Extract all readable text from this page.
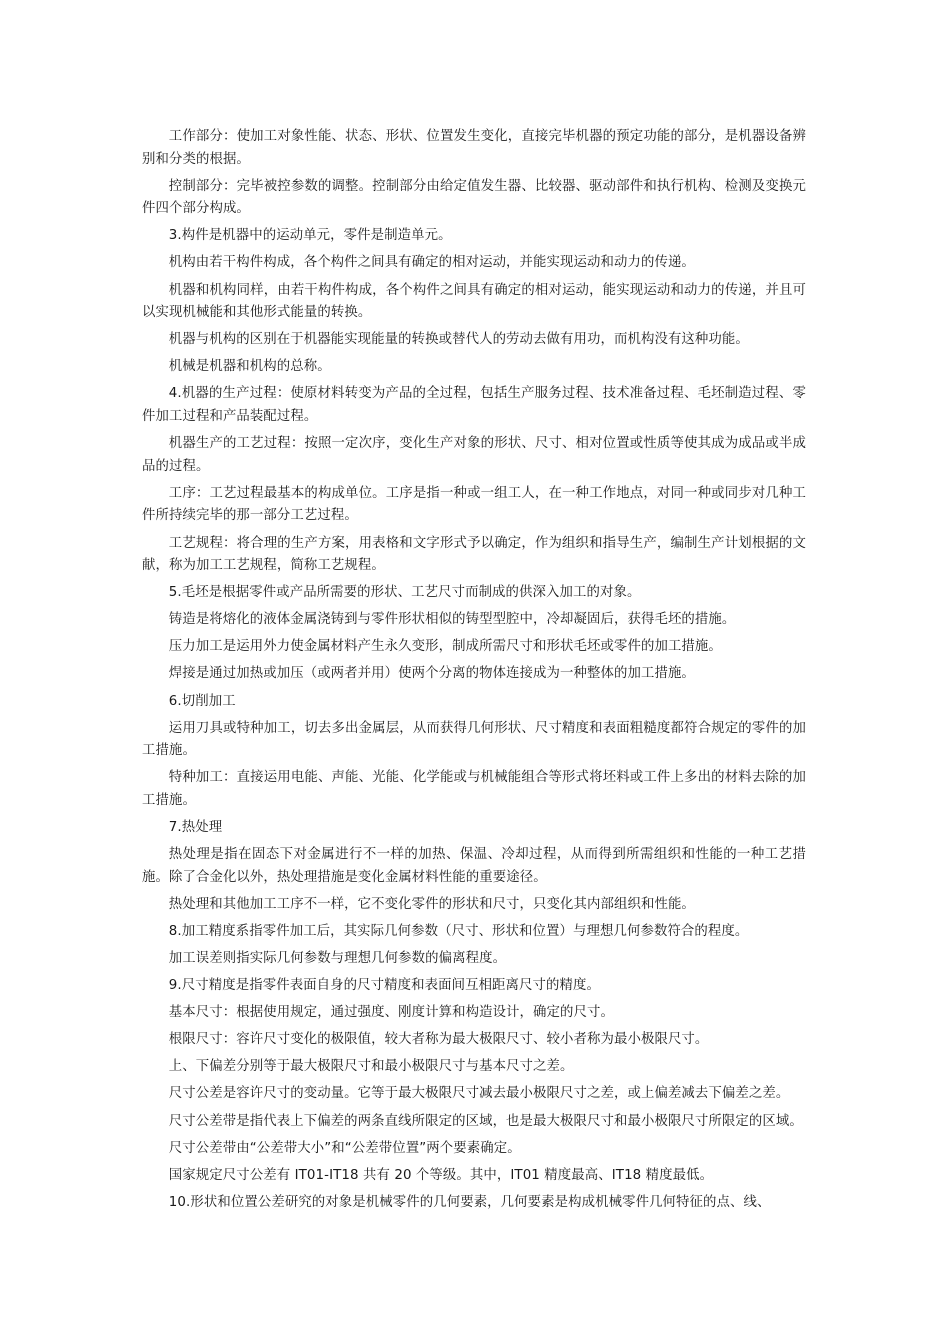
工作部分：使加工对象性能、状态、形状、位置发生变化，直接完毕机器的预定功能的部分，是机器设备辨别和分类的根据。

控制部分：完毕被控参数的调整。控制部分由给定值发生器、比较器、驱动部件和执行机构、检测及变换元件四个部分构成。

3.构件是机器中的运动单元，零件是制造单元。

机构由若干构件构成，各个构件之间具有确定的相对运动，并能实现运动和动力的传递。

机器和机构同样，由若干构件构成，各个构件之间具有确定的相对运动，能实现运动和动力的传递，并且可以实现机械能和其他形式能量的转换。

机器与机构的区别在于机器能实现能量的转换或替代人的劳动去做有用功，而机构没有这种功能。

机械是机器和机构的总称。

4.机器的生产过程：使原材料转变为产品的全过程，包括生产服务过程、技术准备过程、毛坯制造过程、零件加工过程和产品装配过程。

机器生产的工艺过程：按照一定次序，变化生产对象的形状、尺寸、相对位置或性质等使其成为成品或半成品的过程。

工序：工艺过程最基本的构成单位。工序是指一种或一组工人，在一种工作地点，对同一种或同步对几种工件所持续完毕的那一部分工艺过程。

工艺规程：将合理的生产方案，用表格和文字形式予以确定，作为组织和指导生产，编制生产计划根据的文献，称为加工工艺规程，简称工艺规程。

5.毛坯是根据零件或产品所需要的形状、工艺尺寸而制成的供深入加工的对象。

铸造是将熔化的液体金属浇铸到与零件形状相似的铸型型腔中，冷却凝固后，获得毛坯的措施。

压力加工是运用外力使金属材料产生永久变形，制成所需尺寸和形状毛坯或零件的加工措施。

焊接是通过加热或加压（或两者并用）使两个分离的物体连接成为一种整体的加工措施。

6.切削加工

运用刀具或特种加工，切去多出金属层，从而获得几何形状、尺寸精度和表面粗糙度都符合规定的零件的加工措施。

特种加工：直接运用电能、声能、光能、化学能或与机械能组合等形式将坯料或工件上多出的材料去除的加工措施。

7.热处理

热处理是指在固态下对金属进行不一样的加热、保温、冷却过程，从而得到所需组织和性能的一种工艺措施。除了合金化以外，热处理措施是变化金属材料性能的重要途径。

热处理和其他加工工序不一样，它不变化零件的形状和尺寸，只变化其内部组织和性能。

8.加工精度系指零件加工后，其实际几何参数（尺寸、形状和位置）与理想几何参数符合的程度。

加工误差则指实际几何参数与理想几何参数的偏离程度。

9.尺寸精度是指零件表面自身的尺寸精度和表面间互相距离尺寸的精度。

基本尺寸：根据使用规定，通过强度、刚度计算和构造设计，确定的尺寸。

根限尺寸：容许尺寸变化的极限值，较大者称为最大极限尺寸、较小者称为最小极限尺寸。

上、下偏差分别等于最大极限尺寸和最小极限尺寸与基本尺寸之差。

尺寸公差是容许尺寸的变动量。它等于最大极限尺寸减去最小极限尺寸之差，或上偏差减去下偏差之差。

尺寸公差带是指代表上下偏差的两条直线所限定的区域，也是最大极限尺寸和最小极限尺寸所限定的区域。

尺寸公差带由“公差带大小”和“公差带位置”两个要素确定。

国家规定尺寸公差有 IT01-IT18 共有 20 个等级。其中，IT01 精度最高、IT18 精度最低。

10.形状和位置公差研究的对象是机械零件的几何要素，几何要素是构成机械零件几何特征的点、线、
